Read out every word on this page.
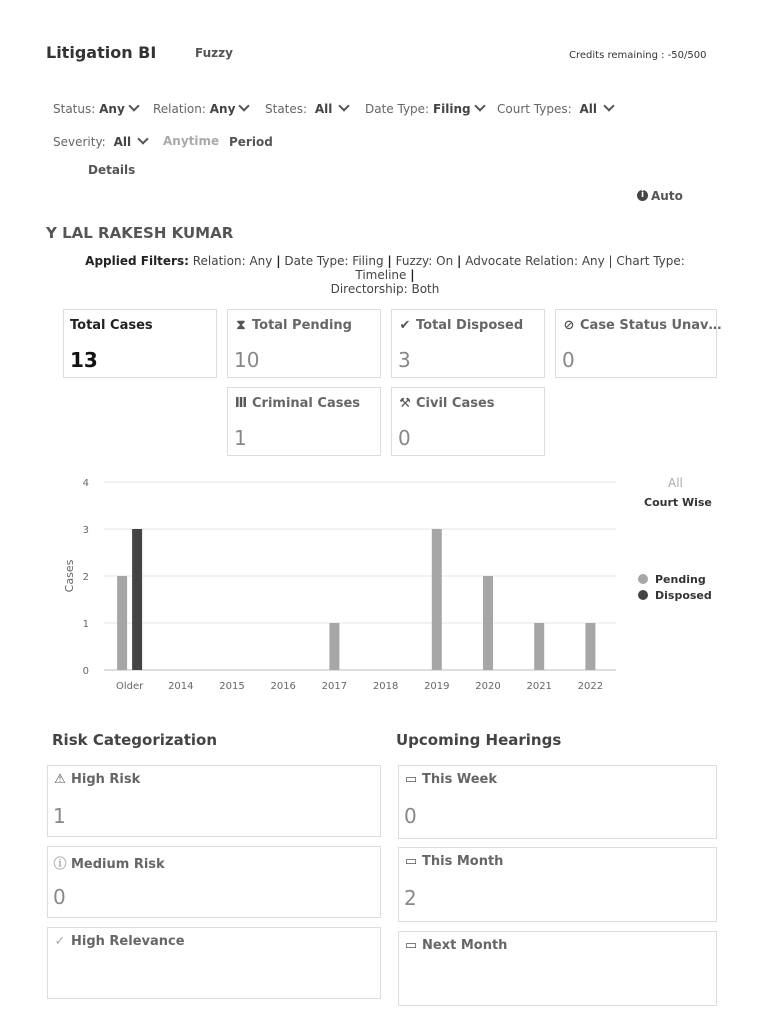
Litigation BI	Fuzzy	Credits remaining : -50/500
Status: Any	Relation: Any	States: All	Date Type: Filing	Court Types: All
Severity: All	Anytime Period
Details
i Auto
Y LAL RAKESH KUMAR
Applied Filters: Relation: Any | Date Type: Filing | Fuzzy: On | Advocate Relation: Any | Chart Type: Timeline |
Directorship: Both
Total Cases
13
⧗ Total Pending
10
✔ Total Disposed
3
⊘ Case Status Unav…
0
Ⅲ Criminal Cases
1
⚒ Civil Cases
0
All
Court Wise
0
1
2
3
4
Cases
Older 2014	2015	2016	2017	2018	2019	2020	2021	2022
Pending
Disposed
Risk Categorization
⚠ High Risk
1
ⓘ Medium Risk
0
✓ High Relevance
Upcoming Hearings
▭ This Week
0
▭ This Month
2
▭ Next Month
